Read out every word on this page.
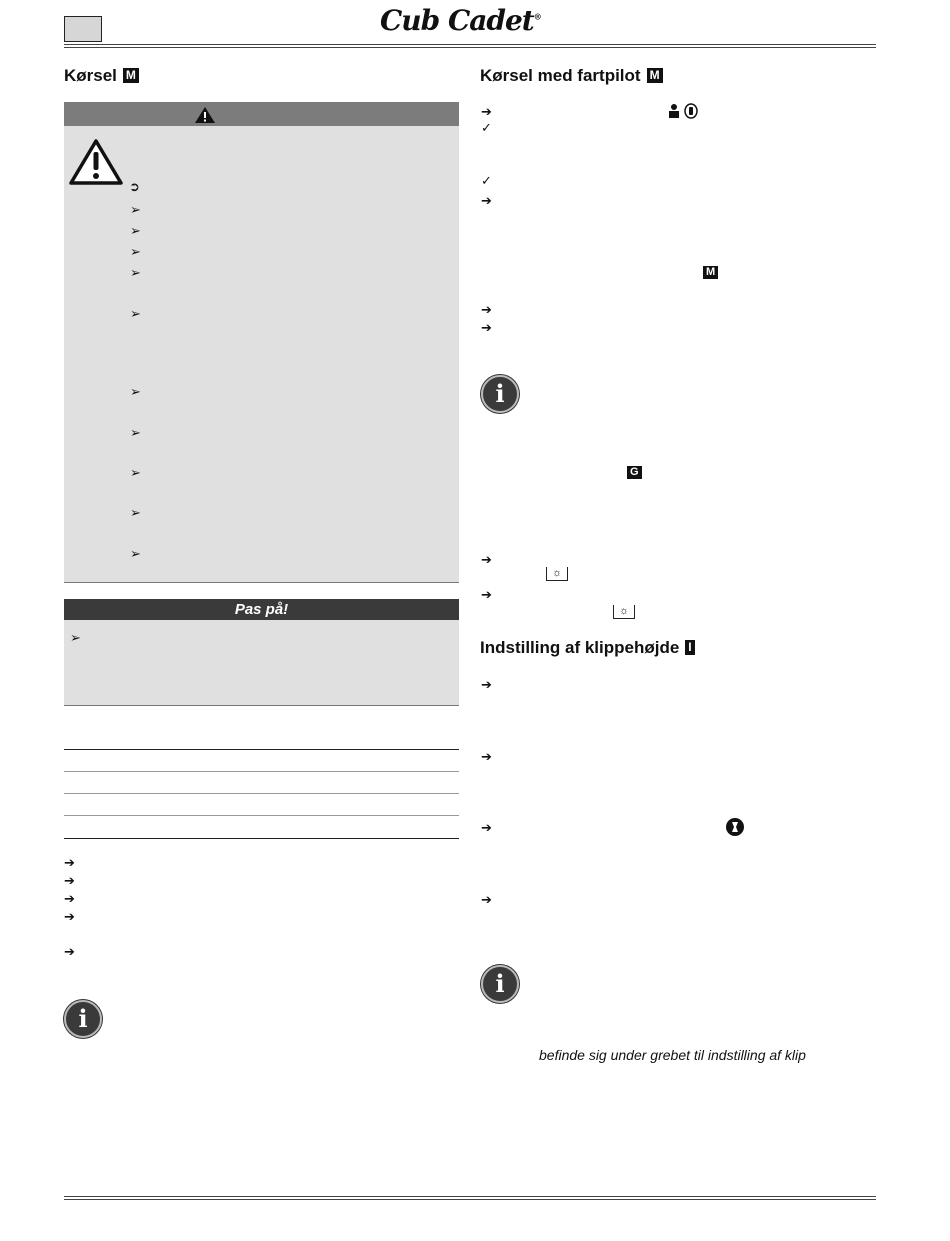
Cub Cadet®
Kørsel M
➲
➢
➢
➢
➢
➢
➢
➢
➢
➢
➢
Pas på!
➢
➔
➔
➔
➔
➔
i
Kørsel med fartpilot M
➔
✓
✓
➔
M
➔
➔
i
G
➔
☼
➔
☼
Indstilling af klippehøjde I
➔
➔
➔
➔
i
befinde sig under grebet til indstilling af klip
